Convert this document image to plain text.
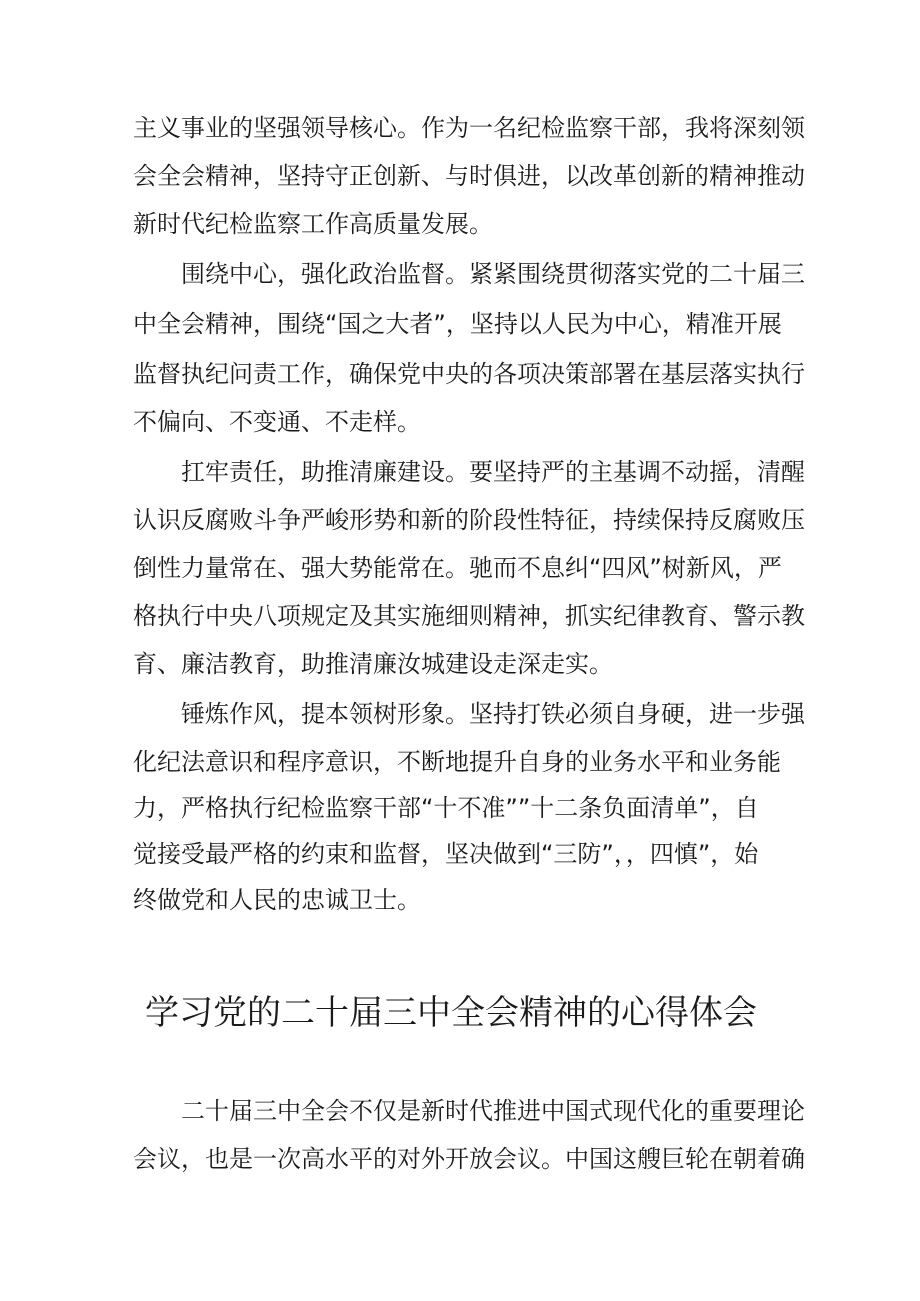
主义事业的坚强领导核心。作为一名纪检监察干部，我将深刻领

会全会精神，坚持守正创新、与时俱进，以改革创新的精神推动

新时代纪检监察工作高质量发展。

围绕中心，强化政治监督。紧紧围绕贯彻落实党的二十届三

中全会精神，围绕“国之大者”，坚持以人民为中心，精准开展

监督执纪问责工作，确保党中央的各项决策部署在基层落实执行

不偏向、不变通、不走样。

扛牢责任，助推清廉建设。要坚持严的主基调不动摇，清醒

认识反腐败斗争严峻形势和新的阶段性特征，持续保持反腐败压

倒性力量常在、强大势能常在。驰而不息纠“四风”树新风，严

格执行中央八项规定及其实施细则精神，抓实纪律教育、警示教

育、廉洁教育，助推清廉汝城建设走深走实。

锤炼作风，提本领树形象。坚持打铁必须自身硬，进一步强

化纪法意识和程序意识，不断地提升自身的业务水平和业务能

力，严格执行纪检监察干部“十不准””十二条负面清单”，自

觉接受最严格的约束和监督，坚决做到“三防”，，四慎”，始

终做党和人民的忠诚卫士。

学习党的二十届三中全会精神的心得体会

二十届三中全会不仅是新时代推进中国式现代化的重要理论

会议，也是一次高水平的对外开放会议。中国这艘巨轮在朝着确
